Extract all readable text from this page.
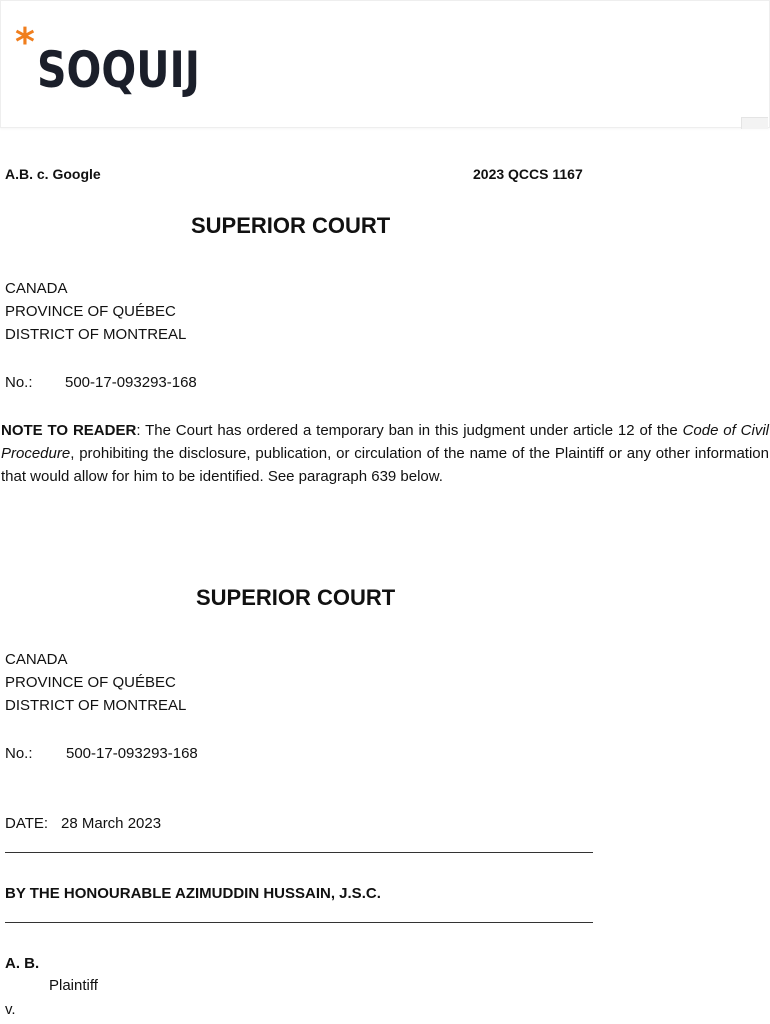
* SOQUIJ
A.B. c. Google	2023 QCCS 1167
SUPERIOR COURT
CANADA
PROVINCE OF QUÉBEC
DISTRICT OF MONTREAL
No.: 500-17-093293-168
NOTE TO READER: The Court has ordered a temporary ban in this judgment under article 12 of the Code of Civil Procedure, prohibiting the disclosure, publication, or circulation of the name of the Plaintiff or any other information that would allow for him to be identified. See paragraph 639 below.
SUPERIOR COURT
CANADA
PROVINCE OF QUÉBEC
DISTRICT OF MONTREAL
No.: 500-17-093293-168
DATE: 28 March 2023
BY THE HONOURABLE AZIMUDDIN HUSSAIN, J.S.C.
A. B.
Plaintiff
v.
